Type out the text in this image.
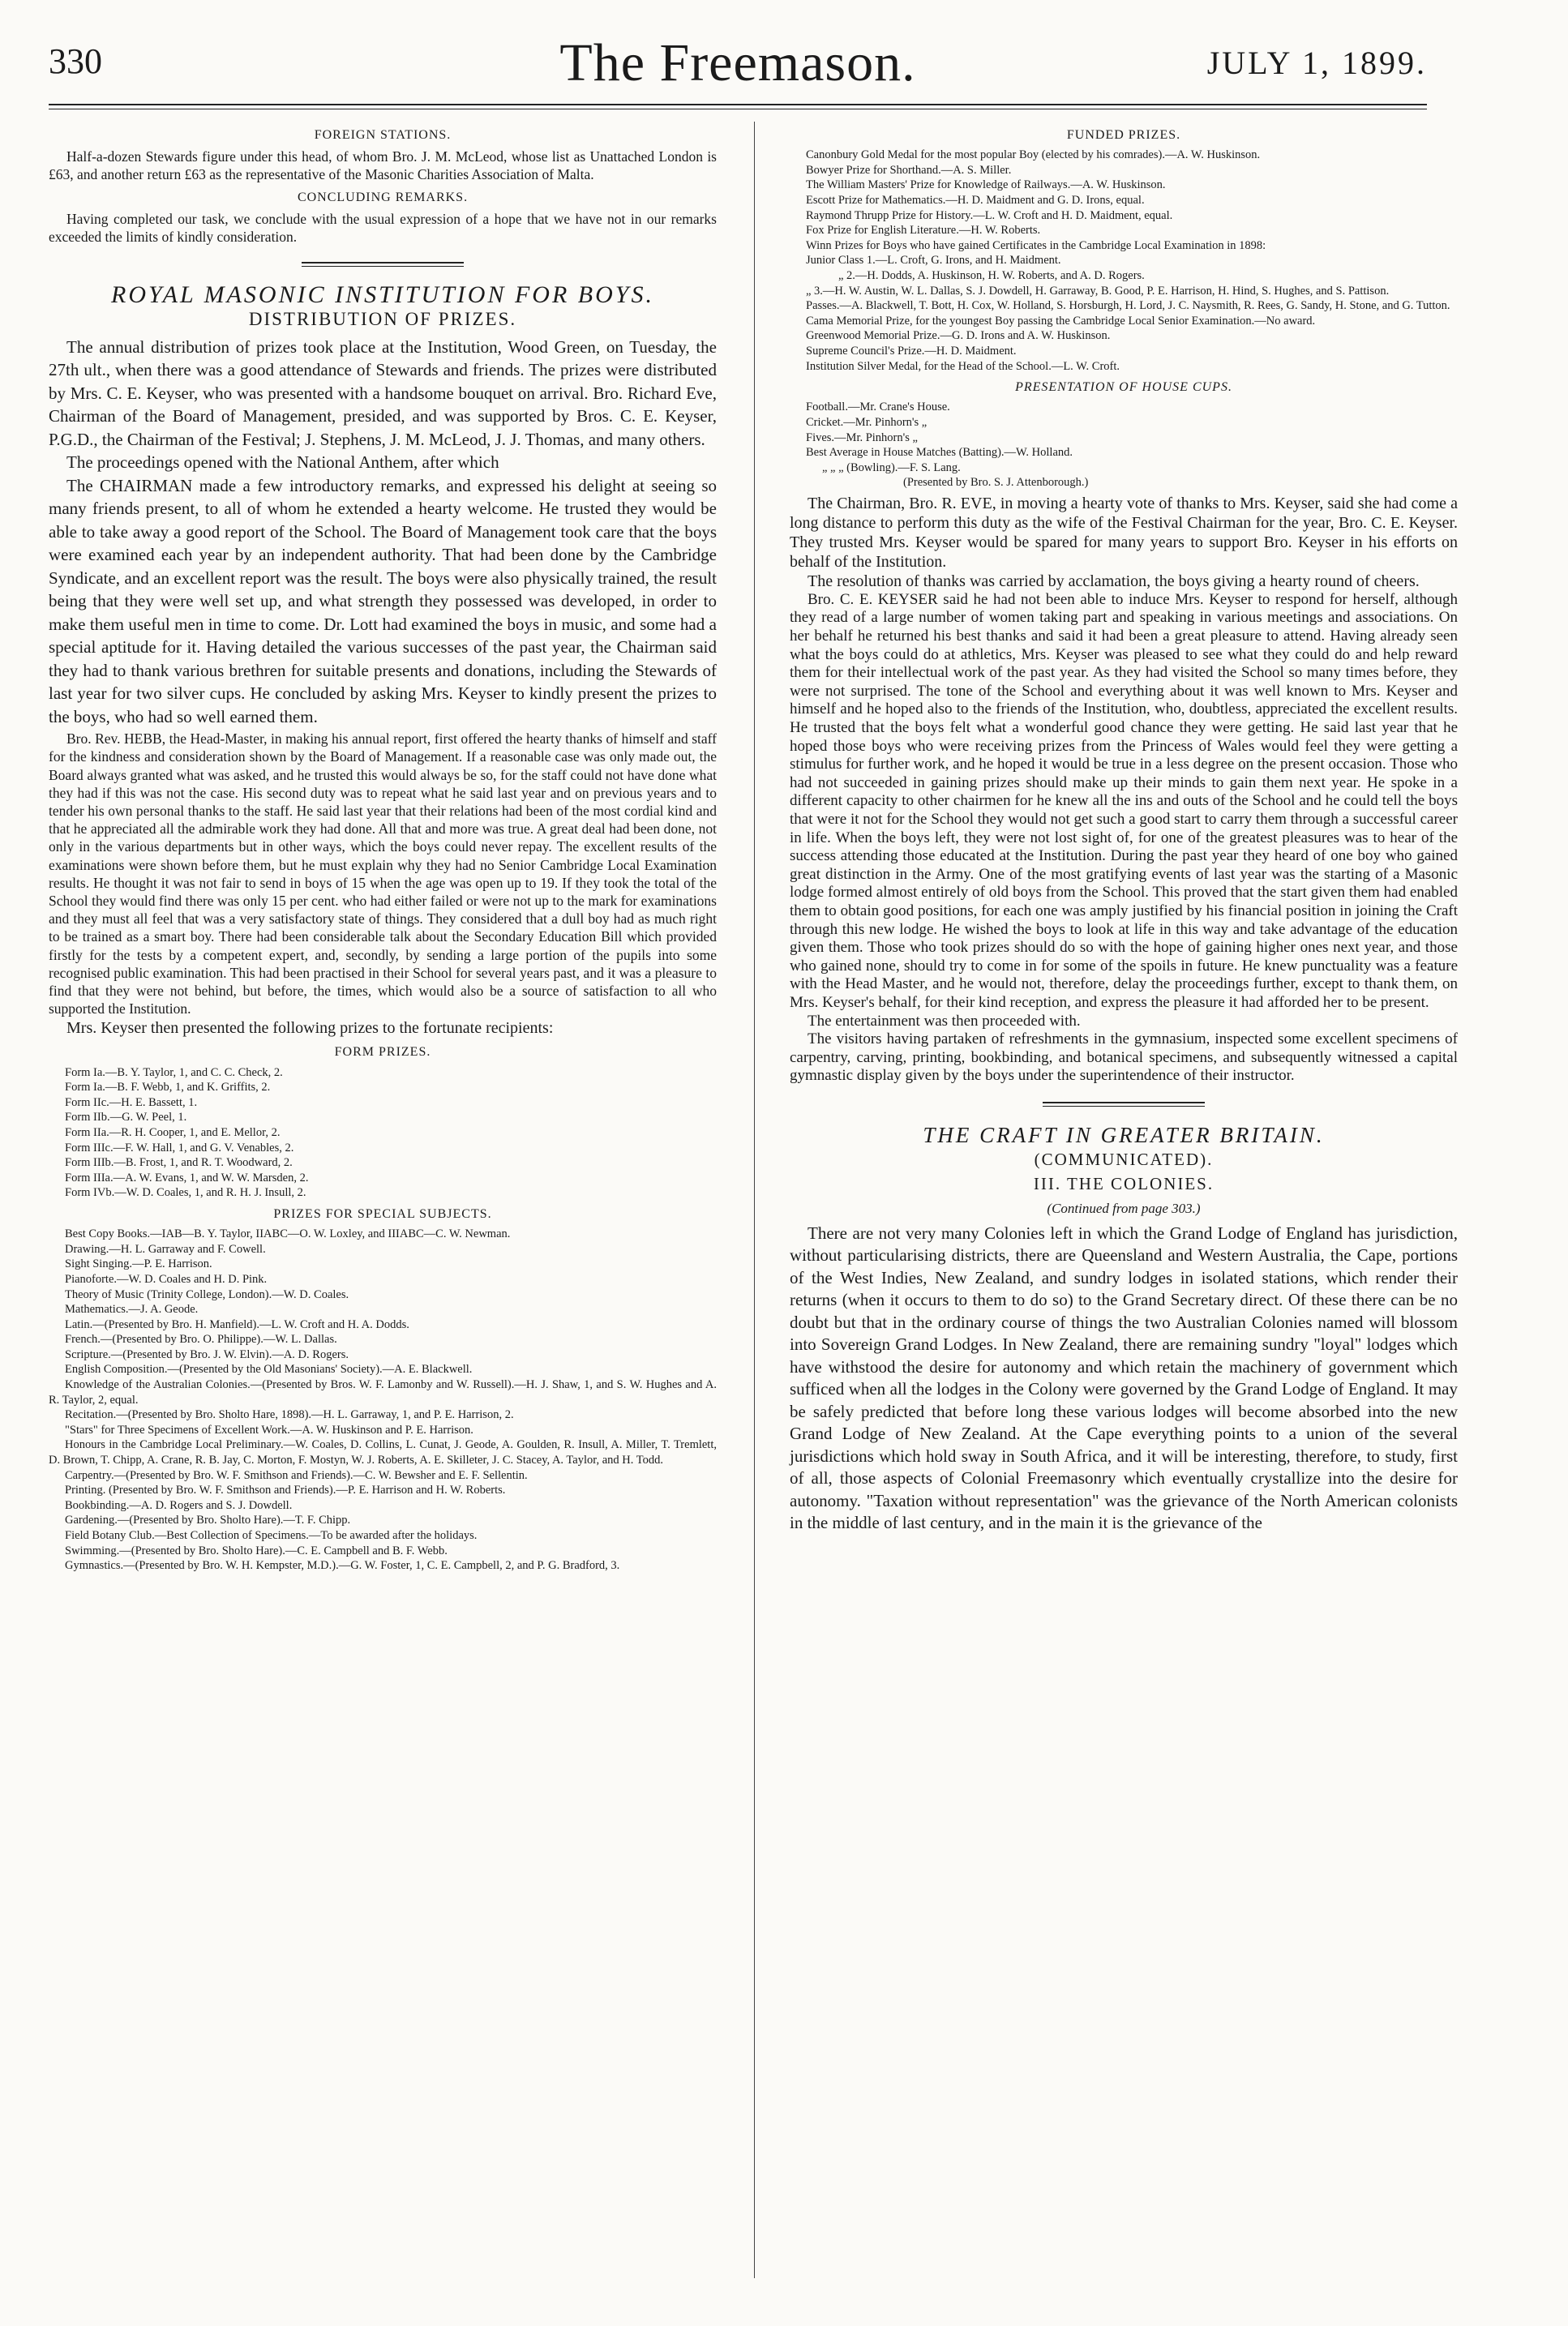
330	The Freemason.	JULY 1, 1899.
FOREIGN STATIONS.

Half-a-dozen Stewards figure under this head, of whom Bro. J. M. McLeod, whose list as Unattached London is £63, and another return £63 as the representative of the Masonic Charities Association of Malta.

CONCLUDING REMARKS.

Having completed our task, we conclude with the usual expression of a hope that we have not in our remarks exceeded the limits of kindly consideration.

ROYAL MASONIC INSTITUTION FOR BOYS.
DISTRIBUTION OF PRIZES.

The annual distribution of prizes took place at the Institution, Wood Green, on Tuesday, the 27th ult., when there was a good attendance of Stewards and friends. The prizes were distributed by Mrs. C. E. Keyser, who was presented with a handsome bouquet on arrival. Bro. Richard Eve, Chairman of the Board of Management, presided, and was supported by Bros. C. E. Keyser, P.G.D., the Chairman of the Festival; J. Stephens, J. M. McLeod, J. J. Thomas, and many others.

The proceedings opened with the National Anthem, after which

The CHAIRMAN made a few introductory remarks, and expressed his delight at seeing so many friends present, to all of whom he extended a hearty welcome. He trusted they would be able to take away a good report of the School. The Board of Management took care that the boys were examined each year by an independent authority. That had been done by the Cambridge Syndicate, and an excellent report was the result. The boys were also physically trained, the result being that they were well set up, and what strength they possessed was developed, in order to make them useful men in time to come. Dr. Lott had examined the boys in music, and some had a special aptitude for it. Having detailed the various successes of the past year, the Chairman said they had to thank various brethren for suitable presents and donations, including the Stewards of last year for two silver cups. He concluded by asking Mrs. Keyser to kindly present the prizes to the boys, who had so well earned them.

Bro. Rev. HEBB, the Head-Master, in making his annual report, first offered the hearty thanks of himself and staff for the kindness and consideration shown by the Board of Management. If a reasonable case was only made out, the Board always granted what was asked, and he trusted this would always be so, for the staff could not have done what they had if this was not the case. His second duty was to repeat what he said last year and on previous years and to tender his own personal thanks to the staff. He said last year that their relations had been of the most cordial kind and that he appreciated all the admirable work they had done. All that and more was true. A great deal had been done, not only in the various departments but in other ways, which the boys could never repay. The excellent results of the examinations were shown before them, but he must explain why they had no Senior Cambridge Local Examination results. He thought it was not fair to send in boys of 15 when the age was open up to 19. If they took the total of the School they would find there was only 15 per cent. who had either failed or were not up to the mark for examinations and they must all feel that was a very satisfactory state of things. They considered that a dull boy had as much right to be trained as a smart boy. There had been considerable talk about the Secondary Education Bill which provided firstly for the tests by a competent expert, and, secondly, by sending a large portion of the pupils into some recognised public examination. This had been practised in their School for several years past, and it was a pleasure to find that they were not behind, but before, the times, which would also be a source of satisfaction to all who supported the Institution.

Mrs. Keyser then presented the following prizes to the fortunate recipients:

FORM PRIZES.

Form Ia.—B. Y. Taylor, 1, and C. C. Check, 2.

Form Ia.—B. F. Webb, 1, and K. Griffits, 2.

Form IIc.—H. E. Bassett, 1.

Form IIb.—G. W. Peel, 1.

Form IIa.—R. H. Cooper, 1, and E. Mellor, 2.

Form IIIc.—F. W. Hall, 1, and G. V. Venables, 2.

Form IIIb.—B. Frost, 1, and R. T. Woodward, 2.

Form IIIa.—A. W. Evans, 1, and W. W. Marsden, 2.

Form IVb.—W. D. Coales, 1, and R. H. J. Insull, 2.

PRIZES FOR SPECIAL SUBJECTS.

Best Copy Books.—IAB—B. Y. Taylor, IIABC—O. W. Loxley, and IIIABC—C. W. Newman.

Drawing.—H. L. Garraway and F. Cowell.

Sight Singing.—P. E. Harrison.

Pianoforte.—W. D. Coales and H. D. Pink.

Theory of Music (Trinity College, London).—W. D. Coales.

Mathematics.—J. A. Geode.

Latin.—(Presented by Bro. H. Manfield).—L. W. Croft and H. A. Dodds.

French.—(Presented by Bro. O. Philippe).—W. L. Dallas.

Scripture.—(Presented by Bro. J. W. Elvin).—A. D. Rogers.

English Composition.—(Presented by the Old Masonians' Society).—A. E. Blackwell.

Knowledge of the Australian Colonies.—(Presented by Bros. W. F. Lamonby and W. Russell).—H. J. Shaw, 1, and S. W. Hughes and A. R. Taylor, 2, equal.

Recitation.—(Presented by Bro. Sholto Hare, 1898).—H. L. Garraway, 1, and P. E. Harrison, 2.

"Stars" for Three Specimens of Excellent Work.—A. W. Huskinson and P. E. Harrison.

Honours in the Cambridge Local Preliminary.—W. Coales, D. Collins, L. Cunat, J. Geode, A. Goulden, R. Insull, A. Miller, T. Tremlett, D. Brown, T. Chipp, A. Crane, R. B. Jay, C. Morton, F. Mostyn, W. J. Roberts, A. E. Skilleter, J. C. Stacey, A. Taylor, and H. Todd.

Carpentry.—(Presented by Bro. W. F. Smithson and Friends).—C. W. Bewsher and E. F. Sellentin.

Printing. (Presented by Bro. W. F. Smithson and Friends).—P. E. Harrison and H. W. Roberts.

Bookbinding.—A. D. Rogers and S. J. Dowdell.

Gardening.—(Presented by Bro. Sholto Hare).—T. F. Chipp.

Field Botany Club.—Best Collection of Specimens.—To be awarded after the holidays.

Swimming.—(Presented by Bro. Sholto Hare).—C. E. Campbell and B. F. Webb.

Gymnastics.—(Presented by Bro. W. H. Kempster, M.D.).—G. W. Foster, 1, C. E. Campbell, 2, and P. G. Bradford, 3.

FUNDED PRIZES.

Canonbury Gold Medal for the most popular Boy (elected by his comrades).—A. W. Huskinson.

Bowyer Prize for Shorthand.—A. S. Miller.

The William Masters' Prize for Knowledge of Railways.—A. W. Huskinson.

Escott Prize for Mathematics.—H. D. Maidment and G. D. Irons, equal.

Raymond Thrupp Prize for History.—L. W. Croft and H. D. Maidment, equal.

Fox Prize for English Literature.—H. W. Roberts.

Winn Prizes for Boys who have gained Certificates in the Cambridge Local Examination in 1898:

Junior Class 1.—L. Croft, G. Irons, and H. Maidment.

„ 2.—H. Dodds, A. Huskinson, H. W. Roberts, and A. D. Rogers.

„ 3.—H. W. Austin, W. L. Dallas, S. J. Dowdell, H. Garraway, B. Good, P. E. Harrison, H. Hind, S. Hughes, and S. Pattison.

Passes.—A. Blackwell, T. Bott, H. Cox, W. Holland, S. Horsburgh, H. Lord, J. C. Naysmith, R. Rees, G. Sandy, H. Stone, and G. Tutton.

Cama Memorial Prize, for the youngest Boy passing the Cambridge Local Senior Examination.—No award.

Greenwood Memorial Prize.—G. D. Irons and A. W. Huskinson.

Supreme Council's Prize.—H. D. Maidment.

Institution Silver Medal, for the Head of the School.—L. W. Croft.

PRESENTATION OF HOUSE CUPS.

Football.—Mr. Crane's House.

Cricket.—Mr. Pinhorn's „

Fives.—Mr. Pinhorn's „

Best Average in House Matches (Batting).—W. Holland.

„ „ „ (Bowling).—F. S. Lang.

(Presented by Bro. S. J. Attenborough.)

The Chairman, Bro. R. EVE, in moving a hearty vote of thanks to Mrs. Keyser, said she had come a long distance to perform this duty as the wife of the Festival Chairman for the year, Bro. C. E. Keyser. They trusted Mrs. Keyser would be spared for many years to support Bro. Keyser in his efforts on behalf of the Institution.

The resolution of thanks was carried by acclamation, the boys giving a hearty round of cheers.

Bro. C. E. KEYSER said he had not been able to induce Mrs. Keyser to respond for herself, although they read of a large number of women taking part and speaking in various meetings and associations. On her behalf he returned his best thanks and said it had been a great pleasure to attend. Having already seen what the boys could do at athletics, Mrs. Keyser was pleased to see what they could do and help reward them for their intellectual work of the past year. As they had visited the School so many times before, they were not surprised. The tone of the School and everything about it was well known to Mrs. Keyser and himself and he hoped also to the friends of the Institution, who, doubtless, appreciated the excellent results. He trusted that the boys felt what a wonderful good chance they were getting. He said last year that he hoped those boys who were receiving prizes from the Princess of Wales would feel they were getting a stimulus for further work, and he hoped it would be true in a less degree on the present occasion. Those who had not succeeded in gaining prizes should make up their minds to gain them next year. He spoke in a different capacity to other chairmen for he knew all the ins and outs of the School and he could tell the boys that were it not for the School they would not get such a good start to carry them through a successful career in life. When the boys left, they were not lost sight of, for one of the greatest pleasures was to hear of the success attending those educated at the Institution. During the past year they heard of one boy who gained great distinction in the Army. One of the most gratifying events of last year was the starting of a Masonic lodge formed almost entirely of old boys from the School. This proved that the start given them had enabled them to obtain good positions, for each one was amply justified by his financial position in joining the Craft through this new lodge. He wished the boys to look at life in this way and take advantage of the education given them. Those who took prizes should do so with the hope of gaining higher ones next year, and those who gained none, should try to come in for some of the spoils in future. He knew punctuality was a feature with the Head Master, and he would not, therefore, delay the proceedings further, except to thank them, on Mrs. Keyser's behalf, for their kind reception, and express the pleasure it had afforded her to be present.

The entertainment was then proceeded with.

The visitors having partaken of refreshments in the gymnasium, inspected some excellent specimens of carpentry, carving, printing, bookbinding, and botanical specimens, and subsequently witnessed a capital gymnastic display given by the boys under the superintendence of their instructor.

THE CRAFT IN GREATER BRITAIN.
(COMMUNICATED).
III. THE COLONIES.
(Continued from page 303.)

There are not very many Colonies left in which the Grand Lodge of England has jurisdiction, without particularising districts, there are Queensland and Western Australia, the Cape, portions of the West Indies, New Zealand, and sundry lodges in isolated stations, which render their returns (when it occurs to them to do so) to the Grand Secretary direct. Of these there can be no doubt but that in the ordinary course of things the two Australian Colonies named will blossom into Sovereign Grand Lodges. In New Zealand, there are remaining sundry "loyal" lodges which have withstood the desire for autonomy and which retain the machinery of government which sufficed when all the lodges in the Colony were governed by the Grand Lodge of England. It may be safely predicted that before long these various lodges will become absorbed into the new Grand Lodge of New Zealand. At the Cape everything points to a union of the several jurisdictions which hold sway in South Africa, and it will be interesting, therefore, to study, first of all, those aspects of Colonial Freemasonry which eventually crystallize into the desire for autonomy. "Taxation without representation" was the grievance of the North American colonists in the middle of last century, and in the main it is the grievance of the
